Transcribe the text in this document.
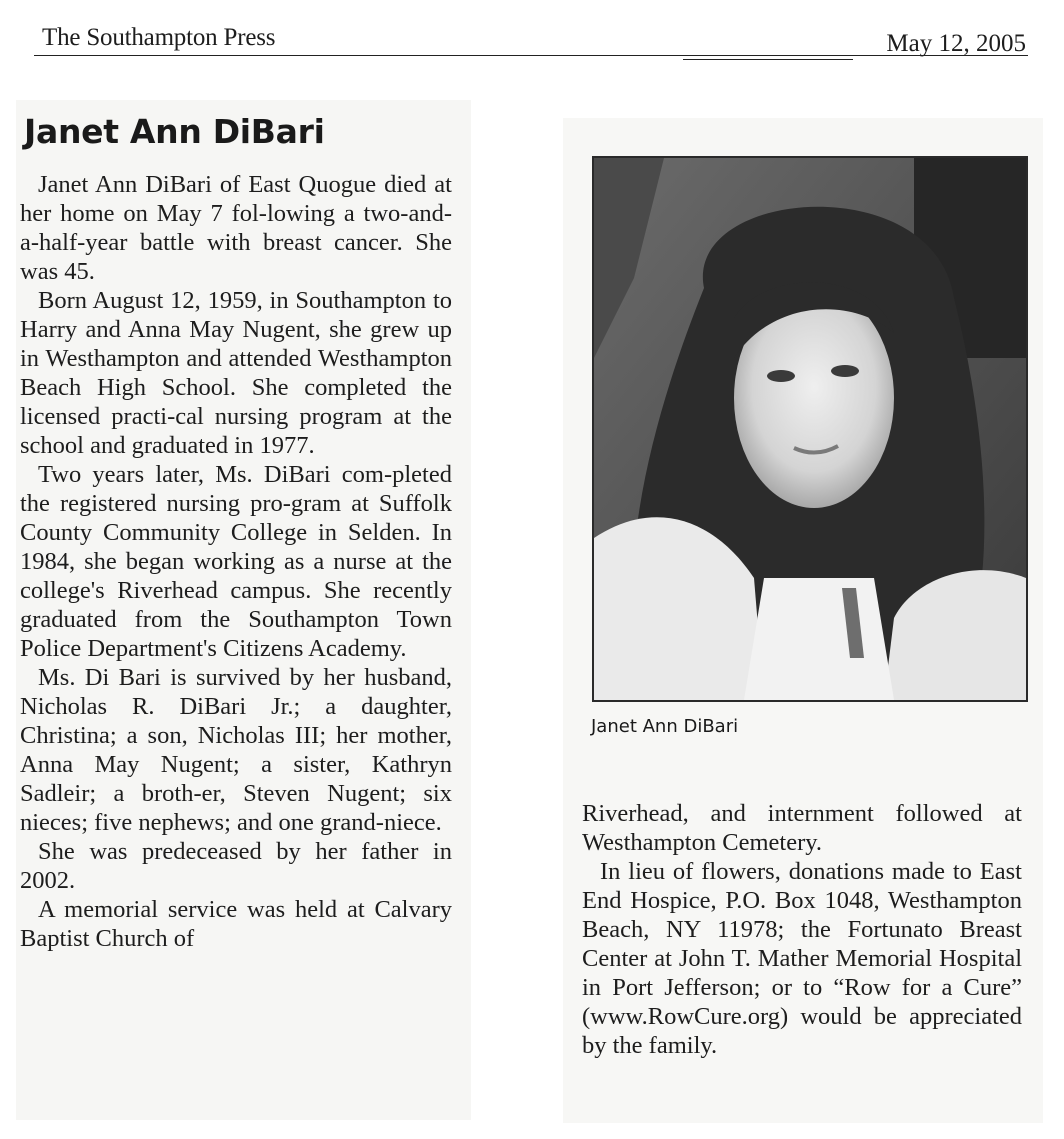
The Southampton Press	May 12, 2005
Janet Ann DiBari

Janet Ann DiBari of East Quogue died at her home on May 7 fol-lowing a two-and-a-half-year battle with breast cancer. She was 45.

Born August 12, 1959, in Southampton to Harry and Anna May Nugent, she grew up in Westhampton and attended Westhampton Beach High School. She completed the licensed practi-cal nursing program at the school and graduated in 1977.

Two years later, Ms. DiBari com-pleted the registered nursing pro-gram at Suffolk County Community College in Selden. In 1984, she began working as a nurse at the college's Riverhead campus. She recently graduated from the Southampton Town Police Department's Citizens Academy.

Ms. Di Bari is survived by her husband, Nicholas R. DiBari Jr.; a daughter, Christina; a son, Nicholas III; her mother, Anna May Nugent; a sister, Kathryn Sadleir; a broth-er, Steven Nugent; six nieces; five nephews; and one grand-niece.

She was predeceased by her father in 2002.

A memorial service was held at Calvary Baptist Church of

Janet Ann DiBari

Riverhead, and internment followed at Westhampton Cemetery.

In lieu of flowers, donations made to East End Hospice, P.O. Box 1048, Westhampton Beach, NY 11978; the Fortunato Breast Center at John T. Mather Memorial Hospital in Port Jefferson; or to “Row for a Cure” (www.RowCure.org) would be appreciated by the family.
